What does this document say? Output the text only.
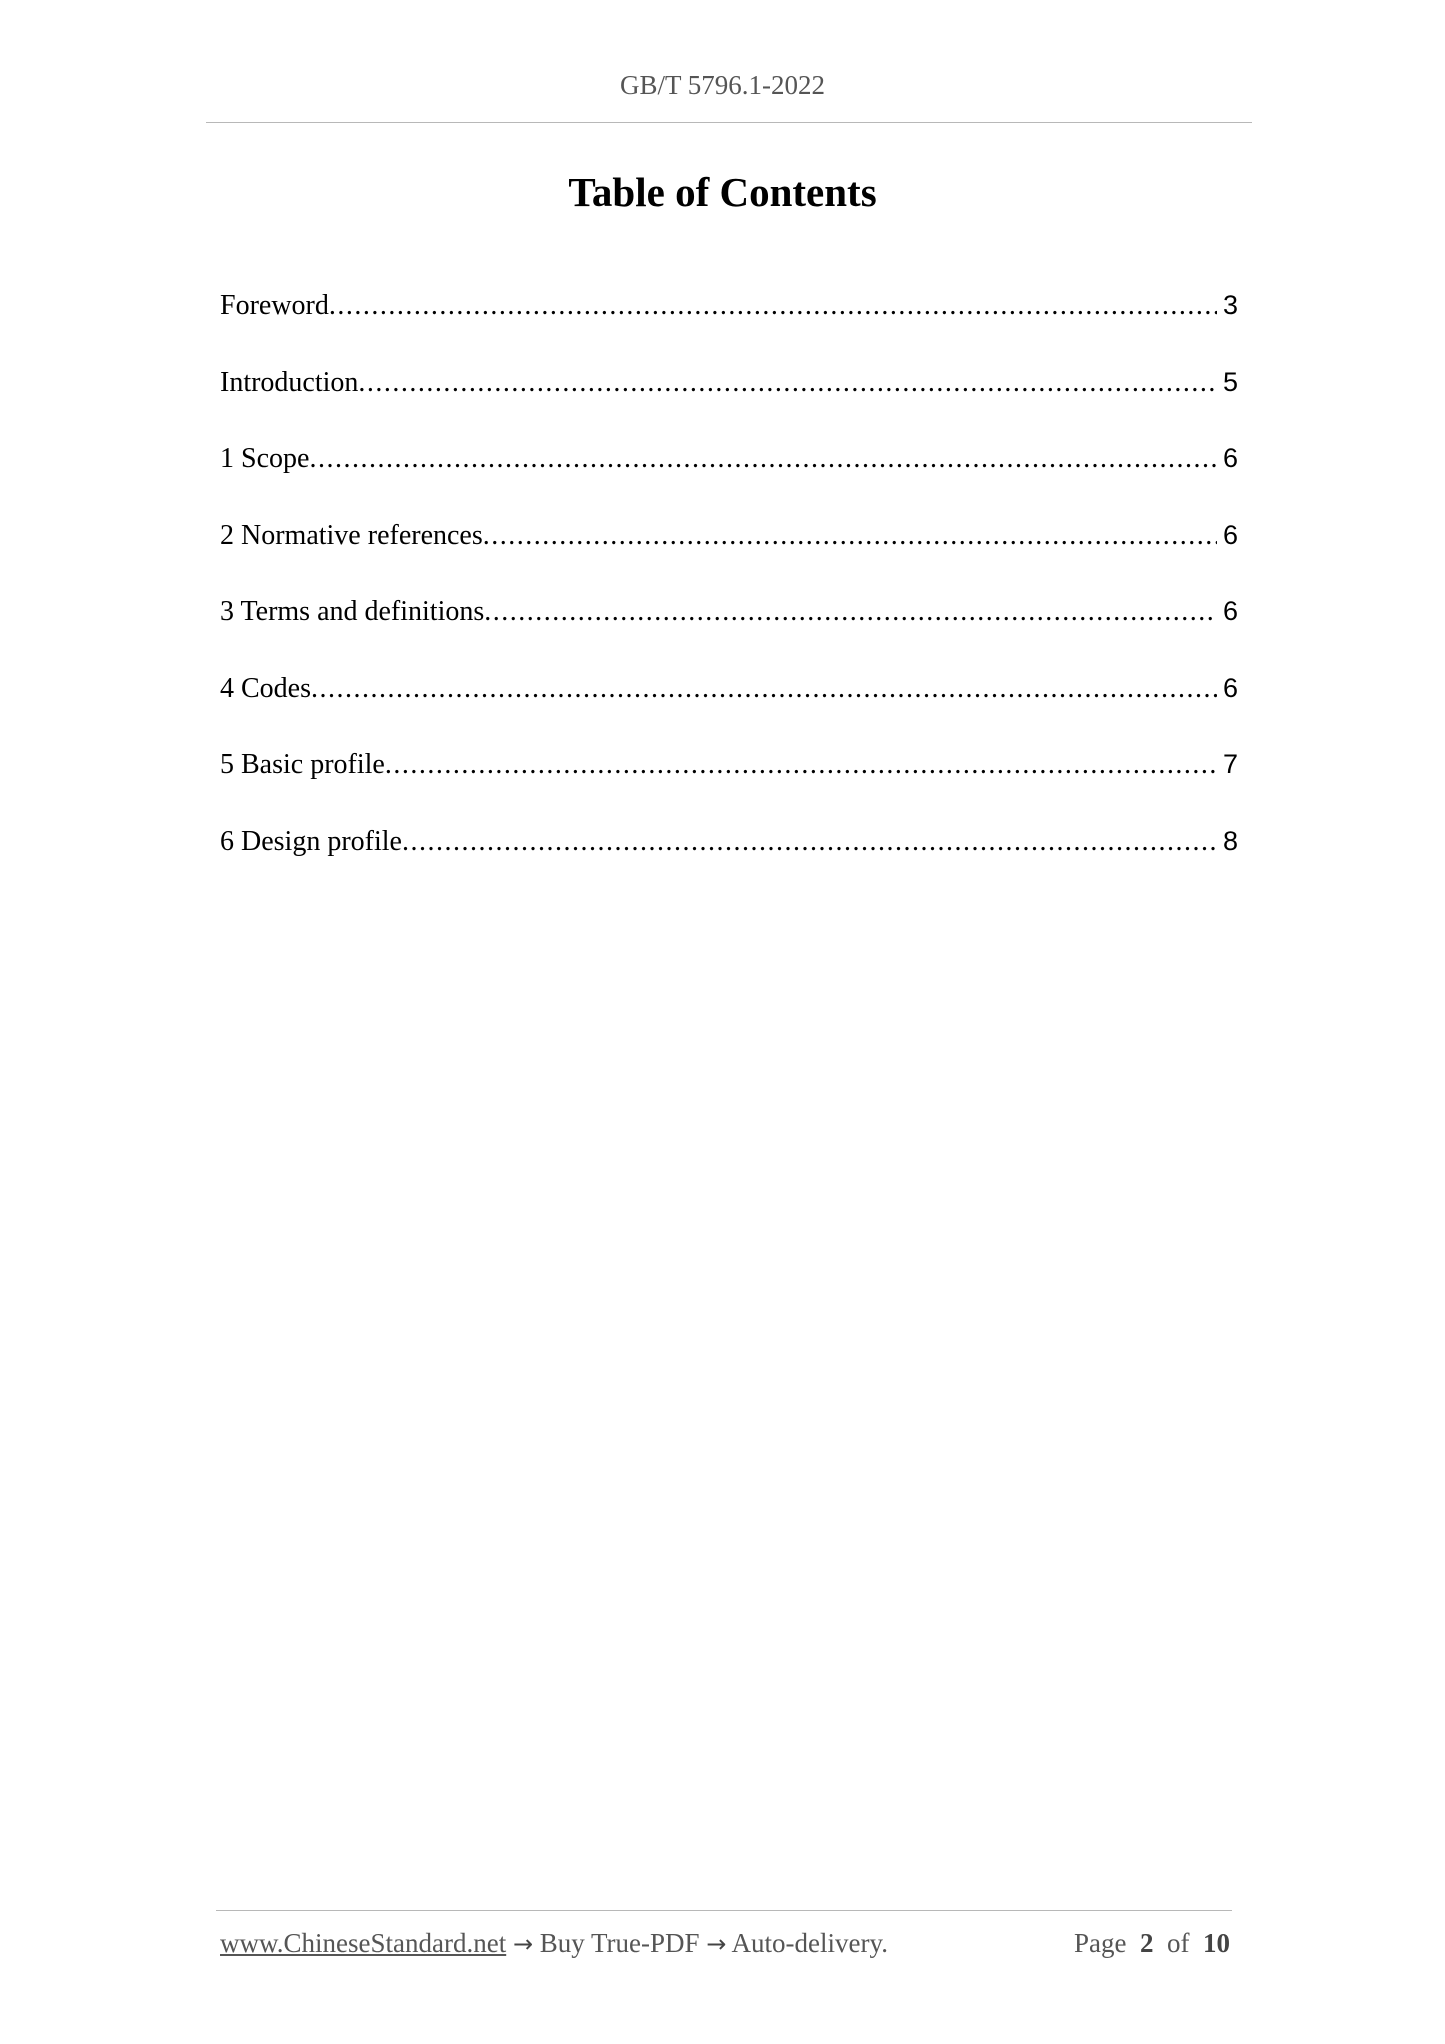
GB/T 5796.1-2022
Table of Contents
Foreword .....	3
Introduction .....	5
1 Scope .....	6
2 Normative references .....	6
3 Terms and definitions .....	6
4 Codes .....	6
5 Basic profile .....	7
6 Design profile .....	8
www.ChineseStandard.net → Buy True-PDF → Auto-delivery.	Page 2 of 10
